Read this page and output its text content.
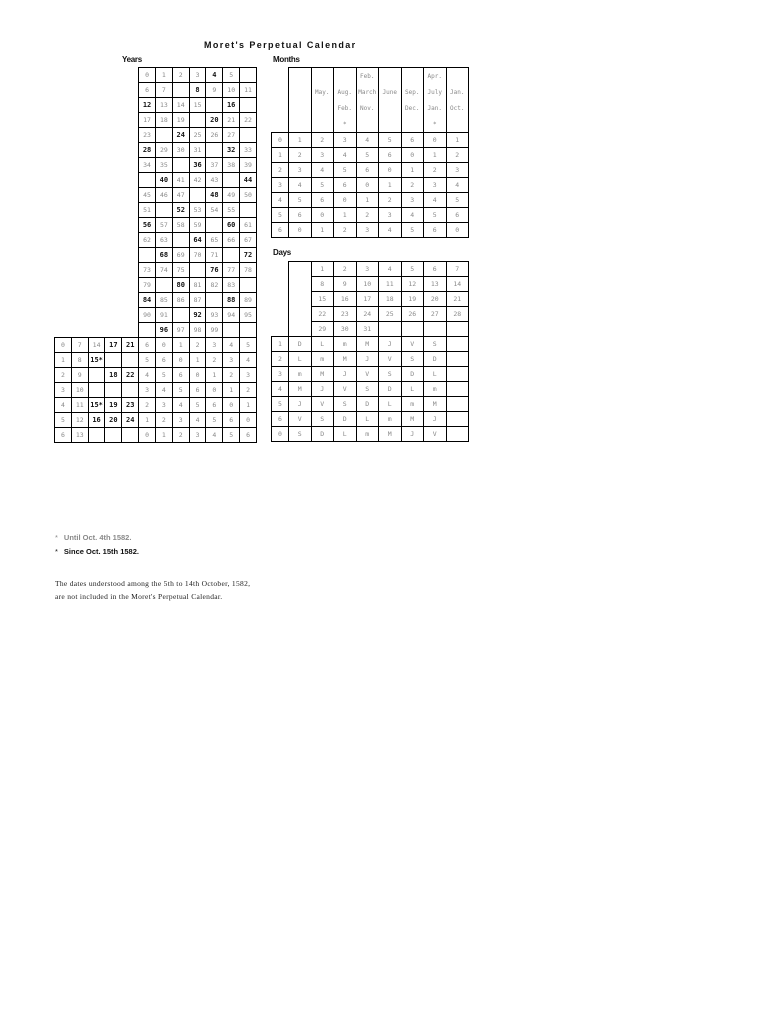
Moret's Perpetual Calendar
Years	Months
Days
					0	1	2	3	4	5	
					6	7		8	9	10	11
					12	13	14	15		16	
					17	18	19		20	21	22
					23		24	25	26	27	
					28	29	30	31		32	33
					34	35		36	37	38	39
						40	41	42	43		44
					45	46	47		48	49	50
					51		52	53	54	55	
					56	57	58	59		60	61
					62	63		64	65	66	67
						68	69	70	71		72
					73	74	75		76	77	78
					79		80	81	82	83	
					84	85	86	87		88	89
					90	91		92	93	94	95
						96	97	98	99		
0	7	14	17	21	6	0	1	2	3	4	5
1	8	15*			5	6	0	1	2	3	4
2	9		18	22	4	5	6	0	1	2	3
3	10				3	4	5	6	0	1	2
4	11	15*	19	23	2	3	4	5	6	0	1
5	12	16	20	24	1	2	3	4	5	6	0
6	13				0	1	2	3	4	5	6
				Feb.			Apr.	
		May.	Aug.	March	June	Sep.	July	Jan.
			Feb.	Nov.		Dec.	Jan.	Oct.
			*				*	
0	1	2	3	4	5	6	0	1
1	2	3	4	5	6	0	1	2
2	3	4	5	6	0	1	2	3
3	4	5	6	0	1	2	3	4
4	5	6	0	1	2	3	4	5
5	6	0	1	2	3	4	5	6
6	0	1	2	3	4	5	6	0
		1	2	3	4	5	6	7
		8	9	10	11	12	13	14
		15	16	17	18	19	20	21
		22	23	24	25	26	27	28
		29	30	31				
1	D	L	m	M	J	V	S	
2	L	m	M	J	V	S	D	
3	m	M	J	V	S	D	L	
4	M	J	V	S	D	L	m	
5	J	V	S	D	L	m	M	
6	V	S	D	L	m	M	J	
0	S	D	L	m	M	J	V	
* Until Oct. 4th 1582.
* Since Oct. 15th 1582.
The dates understood among the 5th to 14th October, 1582,
are not included in the Moret's Perpetual Calendar.
